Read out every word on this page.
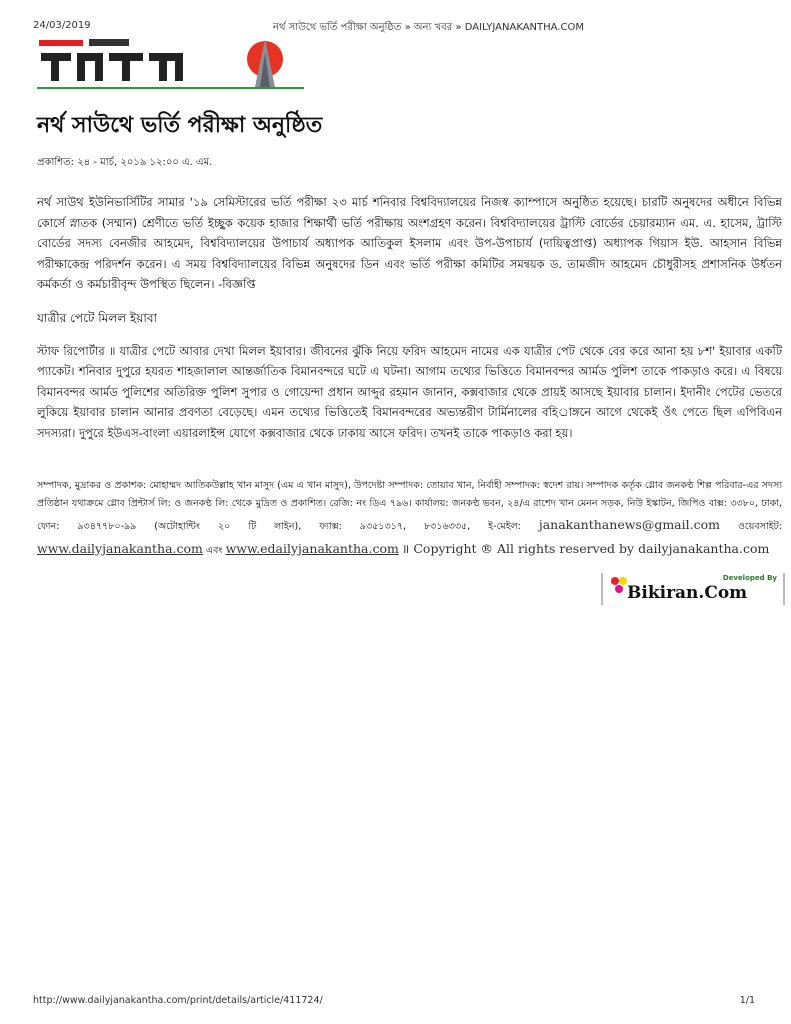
24/03/2019	নর্থ সাউথে ভর্তি পরীক্ষা অনুষ্ঠিত » অন্য খবর » DAILYJANAKANTHA.COM
নর্থ সাউথে ভর্তি পরীক্ষা অনুষ্ঠিত
প্রকাশিত: ২৪ - মার্চ, ২০১৯ ১২:০০ এ. এম.

নর্থ সাউথ ইউনিভার্সিটির সামার '১৯ সেমিস্টারের ভর্তি পরীক্ষা ২৩ মার্চ শনিবার বিশ্ববিদ্যালয়ের নিজস্ব ক্যাম্পাসে অনুষ্ঠিত হয়েছে। চারটি অনুষদের অধীনে বিভিন্ন কোর্সে স্নাতক (সম্মান) শ্রেণীতে ভর্তি ইচ্ছুক কয়েক হাজার শিক্ষার্থী ভর্তি পরীক্ষায় অংশগ্রহণ করেন। বিশ্ববিদ্যালয়ের ট্রাস্টি বোর্ডের চেয়ারম্যান এম. এ. হাসেম, ট্রাস্টি বোর্ডের সদস্য বেনজীর আহমেদ, বিশ্ববিদ্যালয়ের উপাচার্য অধ্যাপক আতিকুল ইসলাম এবং উপ-উপাচার্য (দায়িত্বপ্রাপ্ত) অধ্যাপক গিয়াস ইউ. আহসান বিভিন্ন পরীক্ষাকেন্দ্র পরিদর্শন করেন। এ সময় বিশ্ববিদ্যালয়ের বিভিন্ন অনুষদের ডিন এবং ভর্তি পরীক্ষা কমিটির সমন্বয়ক ড. তামজীদ আহমেদ চৌধুরীসহ প্রশাসনিক উর্ধতন কর্মকর্তা ও কর্মচারীবৃন্দ উপস্থিত ছিলেন। -বিজ্ঞপ্তি

যাত্রীর পেটে মিলল ইয়াবা

স্টাফ রিপোর্টার ॥ যাত্রীর পেটে আবার দেখা মিলল ইয়াবার। জীবনের ঝুঁকি নিয়ে ফরিদ আহমেদ নামের এক যাত্রীর পেট থেকে বের করে আনা হয় ৮শ' ইয়াবার একটি প্যাকেট। শনিবার দুপুরে হযরত শাহজালাল আন্তর্জাতিক বিমানবন্দরে ঘটে এ ঘটনা। আগাম তথ্যের ভিত্তিতে বিমানবন্দর আর্মড পুলিশ তাকে পাকড়াও করে। এ বিষয়ে বিমানবন্দর আর্মড পুলিশের অতিরিক্ত পুলিশ সুপার ও গোয়েন্দা প্রধান আব্দুর রহমান জানান, কক্সবাজার থেকে প্রায়ই আসছে ইয়াবার চালান। ইদানীং পেটের ভেতরে লুকিয়ে ইয়াবার চালান আনার প্রবণতা বেড়েছে। এমন তথ্যের ভিত্তিতেই বিমানবন্দরের অভ্যন্তরীণ টার্মিনালের বহির্াঙ্গনে আগে থেকেই ওঁৎ পেতে ছিল এপিবিএন সদস্যরা। দুপুরে ইউএস-বাংলা এয়ারলাইন্স যোগে কক্সবাজার থেকে ঢাকায় আসে ফরিদ। তখনই তাকে পাকড়াও করা হয়।

সম্পাদক, মুদ্রাকর ও প্রকাশক: মোহাম্মদ আতিকউল্লাহ খান মাসুদ (এম এ খান মাসুদ), উপদেষ্টা সম্পাদক: তোয়াব খান, নির্বাহী সম্পাদক: স্বদেশ রায়। সম্পাদক কর্তৃক গ্লোব জনকণ্ঠ শিল্প পরিবার-এর সদস্য প্রতিষ্ঠান যথাক্রমে গ্লোব প্রিন্টার্স লি: ও জনকণ্ঠ লি: থেকে মুদ্রিত ও প্রকাশিত। রেজি: নং ডিএ ৭৯৬। কার্যালয়: জনকণ্ঠ ভবন, ২৪/এ রাশেদ খান মেনন সড়ক, নিউ ইস্কাটন, জিপিও বাক্স: ৩৩৮০, ঢাকা, ফোন: ৯৩৪৭৭৮০-৯৯ (অটোহান্টিং ২০ টি লাইন), ফ্যাক্স: ৯৩৫১৩১৭, ৮৩১৬৩৩৫, ই-মেইল: janakanthanews@gmail.com ওয়েবসাইট: www.dailyjanakantha.com এবং www.edailyjanakantha.com ॥ Copyright ® All rights reserved by dailyjanakantha.com
Developed By
Bikiran.Com
http://www.dailyjanakantha.com/print/details/article/411724/	1/1
